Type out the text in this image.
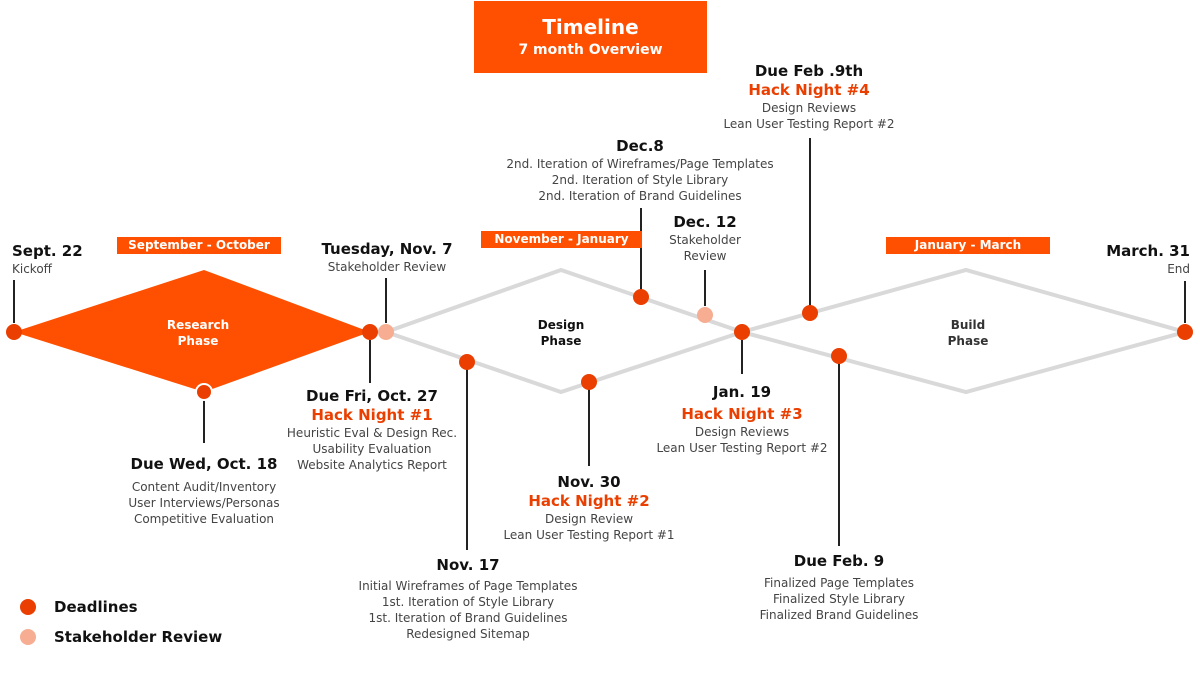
Timeline
7 month Overview
September - October	November - January	January - March
Research
Phase
Design
Phase
Build
Phase
Sept. 22
Kickoff
Due Wed, Oct. 18
Content Audit/Inventory
User Interviews/Personas
Competitive Evaluation
Tuesday, Nov. 7
Stakeholder Review
Due Fri, Oct. 27
Hack Night #1
Heuristic Eval & Design Rec.
Usability Evaluation
Website Analytics Report
Nov. 17
Initial Wireframes of Page Templates
1st. Iteration of Style Library
1st. Iteration of Brand Guidelines
Redesigned Sitemap
Nov. 30
Hack Night #2
Design Review
Lean User Testing Report #1
Dec.8
2nd. Iteration of Wireframes/Page Templates
2nd. Iteration of Style Library
2nd. Iteration of Brand Guidelines
Dec. 12
Stakeholder
Review
Jan. 19
Hack Night #3
Design Reviews
Lean User Testing Report #2
Due Feb .9th
Hack Night #4
Design Reviews
Lean User Testing Report #2
Due Feb. 9
Finalized Page Templates
Finalized Style Library
Finalized Brand Guidelines
March. 31
End
Deadlines
Stakeholder Review
